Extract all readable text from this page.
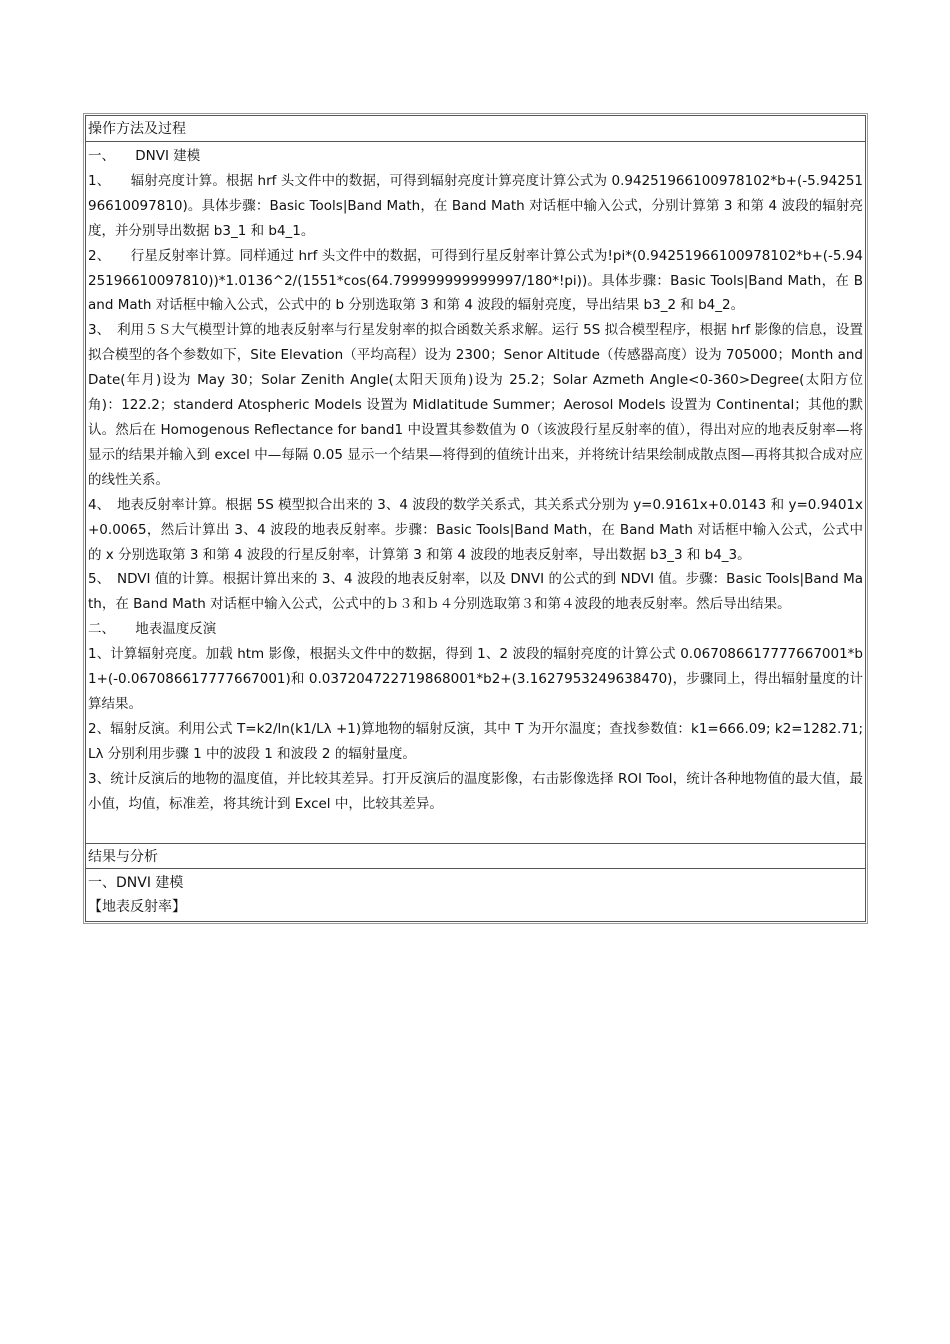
操作方法及过程

一、　　DNVI 建模

1、　　辐射亮度计算。根据 hrf 头文件中的数据，可得到辐射亮度计算亮度计算公式为 0.94251966100978102*b+(-5.9425196610097810)。具体步骤：Basic Tools|Band Math，在 Band Math 对话框中输入公式，分别计算第 3 和第 4 波段的辐射亮度，并分别导出数据 b3_1 和 b4_1。

2、　　行星反射率计算。同样通过 hrf 头文件中的数据，可得到行星反射率计算公式为!pi*(0.94251966100978102*b+(-5.9425196610097810))*1.0136^2/(1551*cos(64.799999999999997/180*!pi))。具体步骤：Basic Tools|Band Math，在 Band Math 对话框中输入公式，公式中的 b 分别选取第 3 和第 4 波段的辐射亮度，导出结果 b3_2 和 b4_2。

3、　利用５Ｓ大气模型计算的地表反射率与行星发射率的拟合函数关系求解。运行 5S 拟合模型程序，根据 hrf 影像的信息，设置拟合模型的各个参数如下，Site Elevation（平均高程）设为 2300；Senor Altitude（传感器高度）设为 705000；Month and Date(年月)设为 May 30；Solar Zenith Angle(太阳天顶角)设为 25.2；Solar Azmeth Angle<0-360>Degree(太阳方位角)：122.2；standerd Atospheric Models 设置为 Midlatitude Summer；Aerosol Models 设置为 Continental；其他的默认。然后在 Homogenous Reflectance for band1 中设置其参数值为 0（该波段行星反射率的值），得出对应的地表反射率—将显示的结果并输入到 excel 中—每隔 0.05 显示一个结果—将得到的值统计出来，并将统计结果绘制成散点图—再将其拟合成对应的线性关系。

4、　地表反射率计算。根据 5S 模型拟合出来的 3、4 波段的数学关系式，其关系式分别为 y=0.9161x+0.0143 和 y=0.9401x+0.0065，然后计算出 3、4 波段的地表反射率。步骤：Basic Tools|Band Math，在 Band Math 对话框中输入公式，公式中的 x 分别选取第 3 和第 4 波段的行星反射率，计算第 3 和第 4 波段的地表反射率，导出数据 b3_3 和 b4_3。

5、　NDVI 值的计算。根据计算出来的 3、4 波段的地表反射率，以及 DNVI 的公式的到 NDVI 值。步骤：Basic Tools|Band Math，在 Band Math 对话框中输入公式，公式中的ｂ３和ｂ４分别选取第３和第４波段的地表反射率。然后导出结果。

二、　　地表温度反演

1、计算辐射亮度。加载 htm 影像，根据头文件中的数据，得到 1、2 波段的辐射亮度的计算公式 0.067086617777667001*b1+(-0.067086617777667001)和 0.037204722719868001*b2+(3.1627953249638470)，步骤同上，得出辐射量度的计算结果。

2、辐射反演。利用公式 T=k2/ln(k1/Lλ +1)算地物的辐射反演，其中 T 为开尔温度；查找参数值：k1=666.09; k2=1282.71;Lλ 分别利用步骤 1 中的波段 1 和波段 2 的辐射量度。

3、统计反演后的地物的温度值，并比较其差异。打开反演后的温度影像，右击影像选择 ROI Tool，统计各种地物值的最大值，最小值，均值，标准差，将其统计到 Excel 中，比较其差异。

结果与分析
一、DNVI 建模
【地表反射率】
